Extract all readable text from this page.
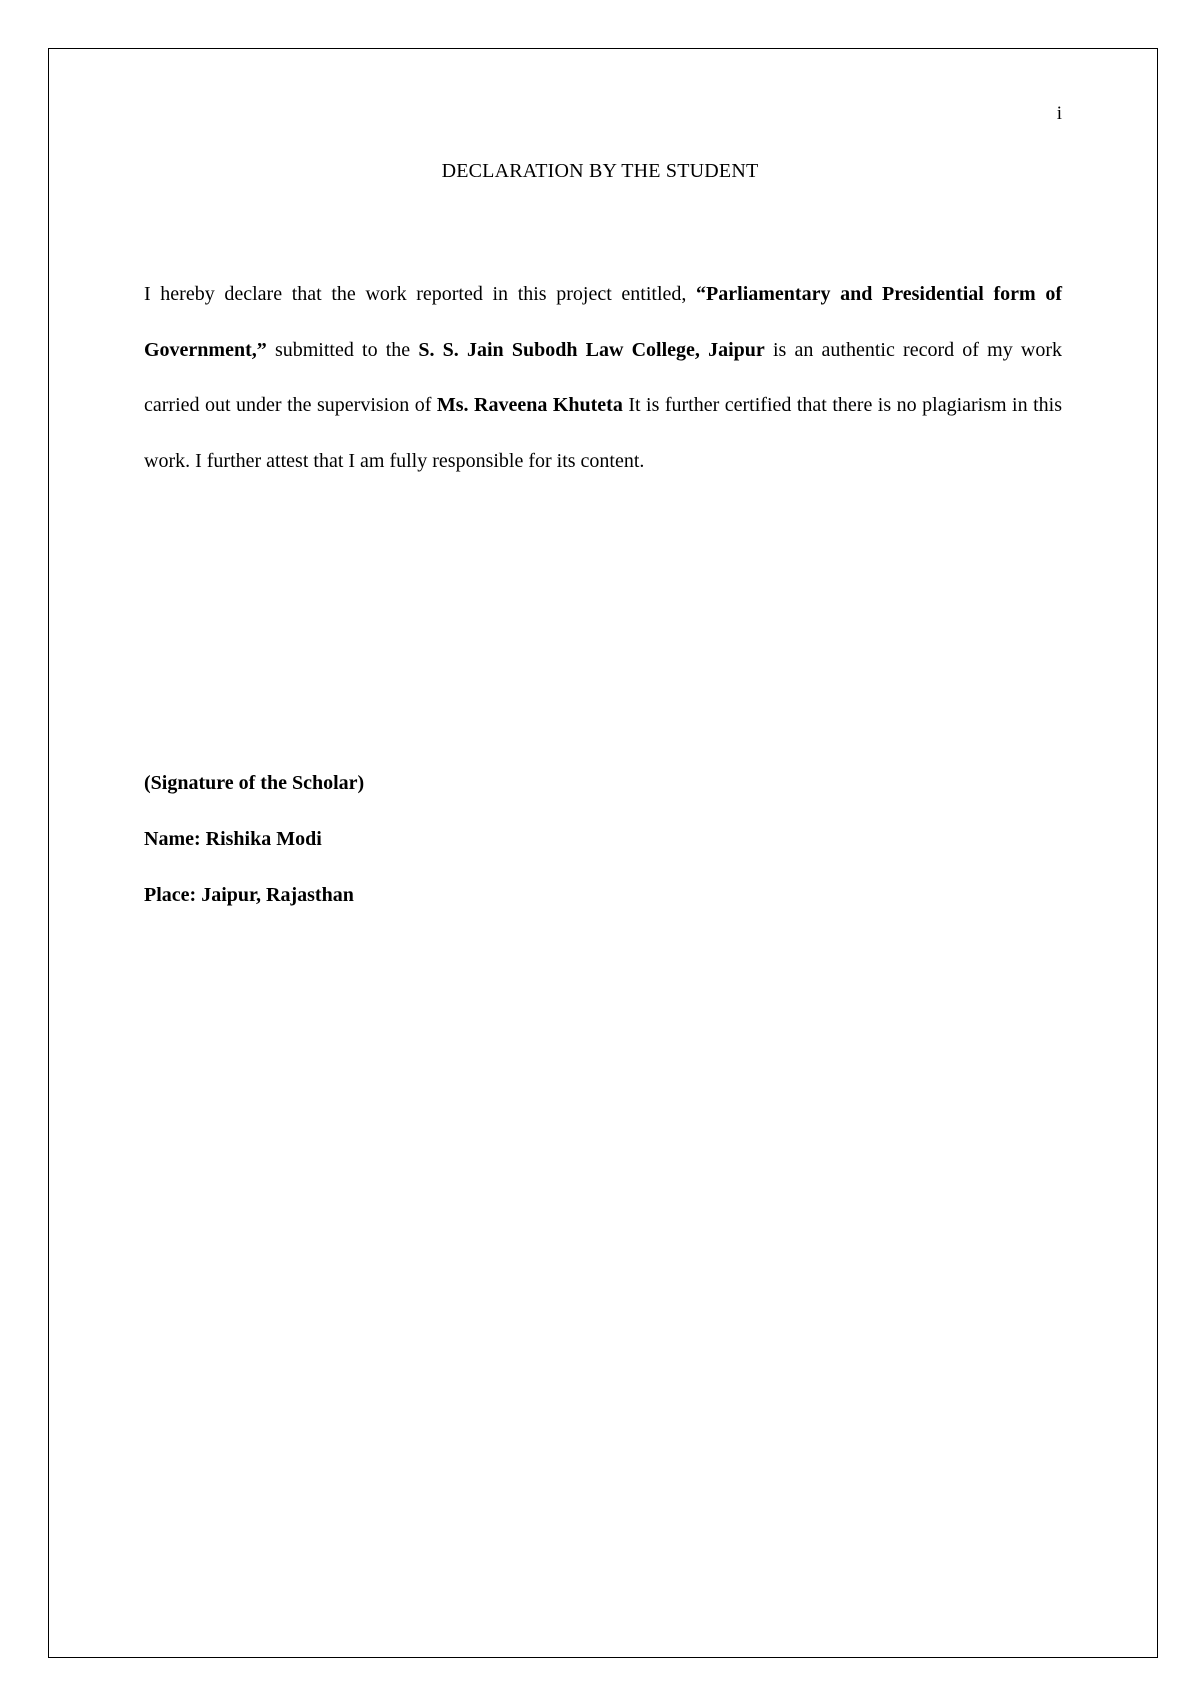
i
DECLARATION BY THE STUDENT

I hereby declare that the work reported in this project entitled, “Parliamentary and Presidential form of Government,” submitted to the S. S. Jain Subodh Law College, Jaipur is an authentic record of my work carried out under the supervision of Ms. Raveena Khuteta It is further certified that there is no plagiarism in this work. I further attest that I am fully responsible for its content.

(Signature of the Scholar)
Name: Rishika Modi
Place: Jaipur, Rajasthan
